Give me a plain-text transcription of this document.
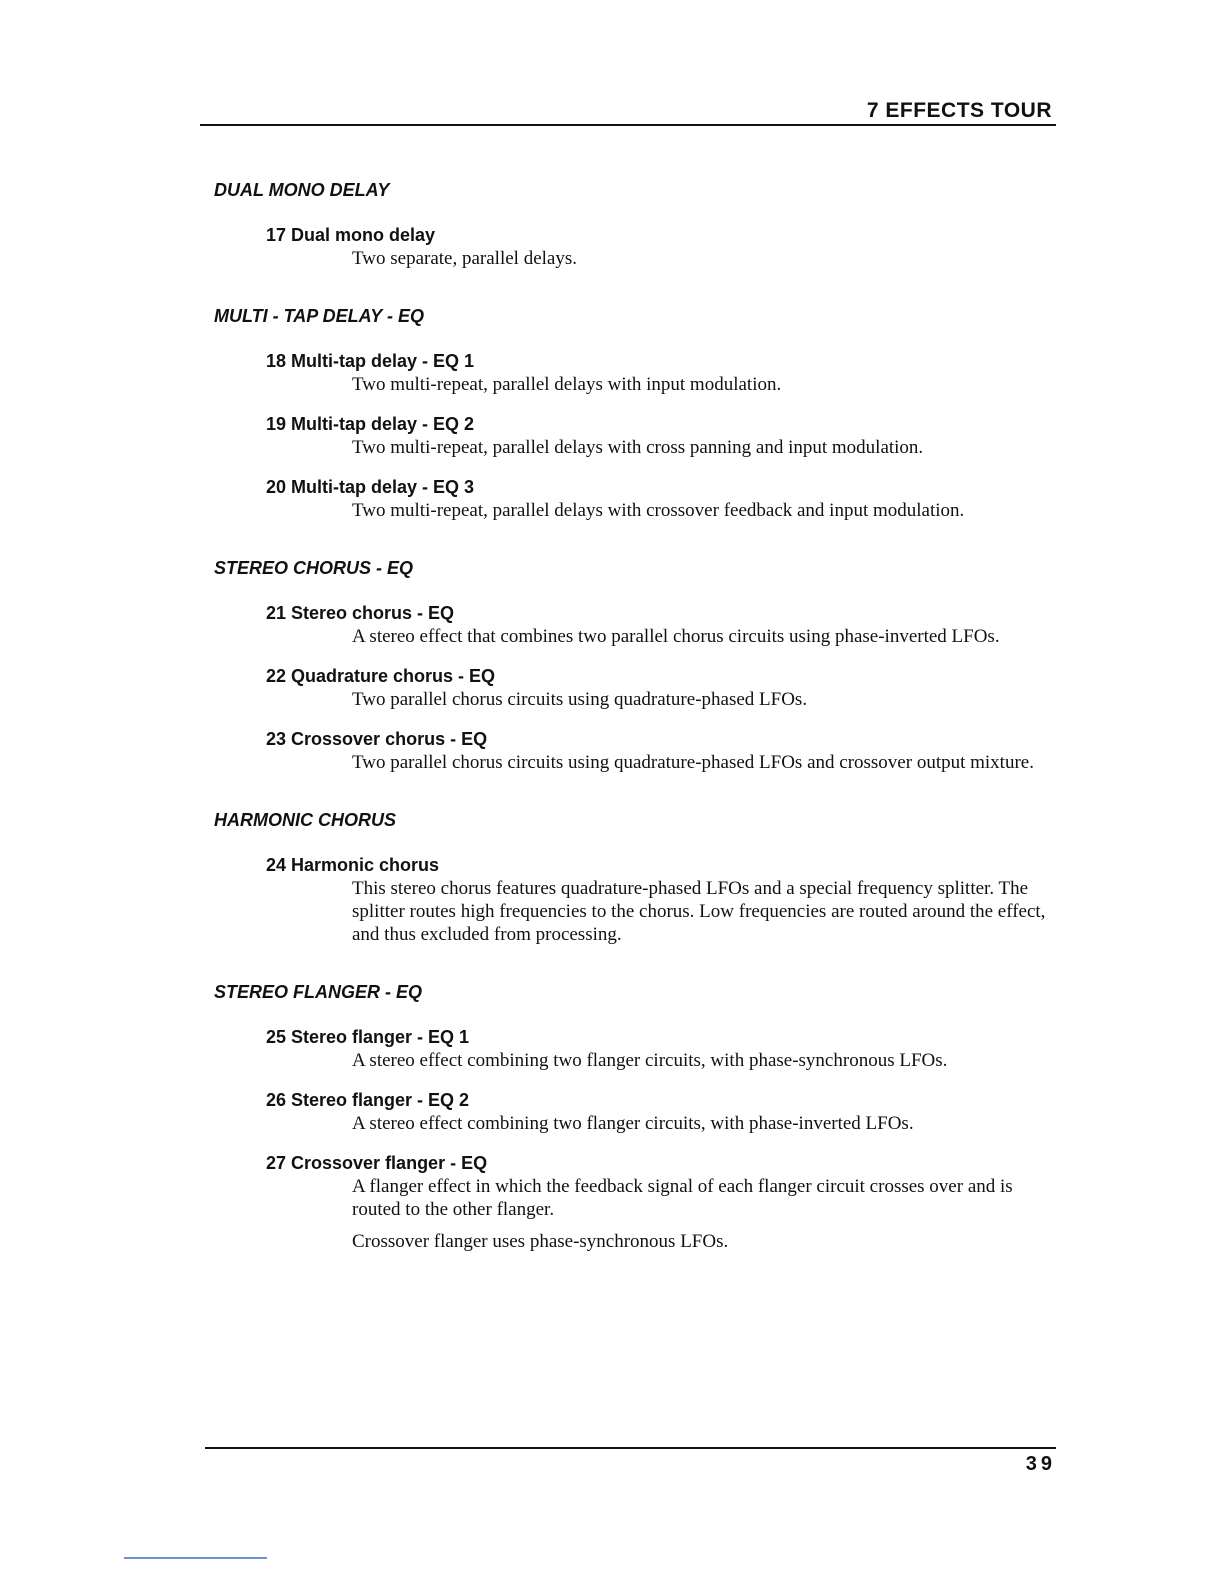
7 EFFECTS TOUR
DUAL MONO DELAY
17 Dual mono delay

Two separate, parallel delays.

MULTI - TAP DELAY - EQ
18 Multi-tap delay - EQ 1

Two multi-repeat, parallel delays with input modulation.

19 Multi-tap delay - EQ 2

Two multi-repeat, parallel delays with cross panning and input modulation.

20 Multi-tap delay - EQ 3

Two multi-repeat, parallel delays with crossover feedback and input modulation.

STEREO CHORUS - EQ
21 Stereo chorus - EQ

A stereo effect that combines two parallel chorus circuits using phase-inverted LFOs.

22 Quadrature chorus - EQ

Two parallel chorus circuits using quadrature-phased LFOs.

23 Crossover chorus - EQ

Two parallel chorus circuits using quadrature-phased LFOs and crossover output mixture.

HARMONIC CHORUS
24 Harmonic chorus

This stereo chorus features quadrature-phased LFOs and a special frequency splitter. The splitter routes high frequencies to the chorus. Low frequencies are routed around the effect, and thus excluded from processing.

STEREO FLANGER - EQ
25 Stereo flanger - EQ 1

A stereo effect combining two flanger circuits, with phase-synchronous LFOs.

26 Stereo flanger - EQ 2

A stereo effect combining two flanger circuits, with phase-inverted LFOs.

27 Crossover flanger - EQ

A flanger effect in which the feedback signal of each flanger circuit crosses over and is routed to the other flanger.

Crossover flanger uses phase-synchronous LFOs.

39
